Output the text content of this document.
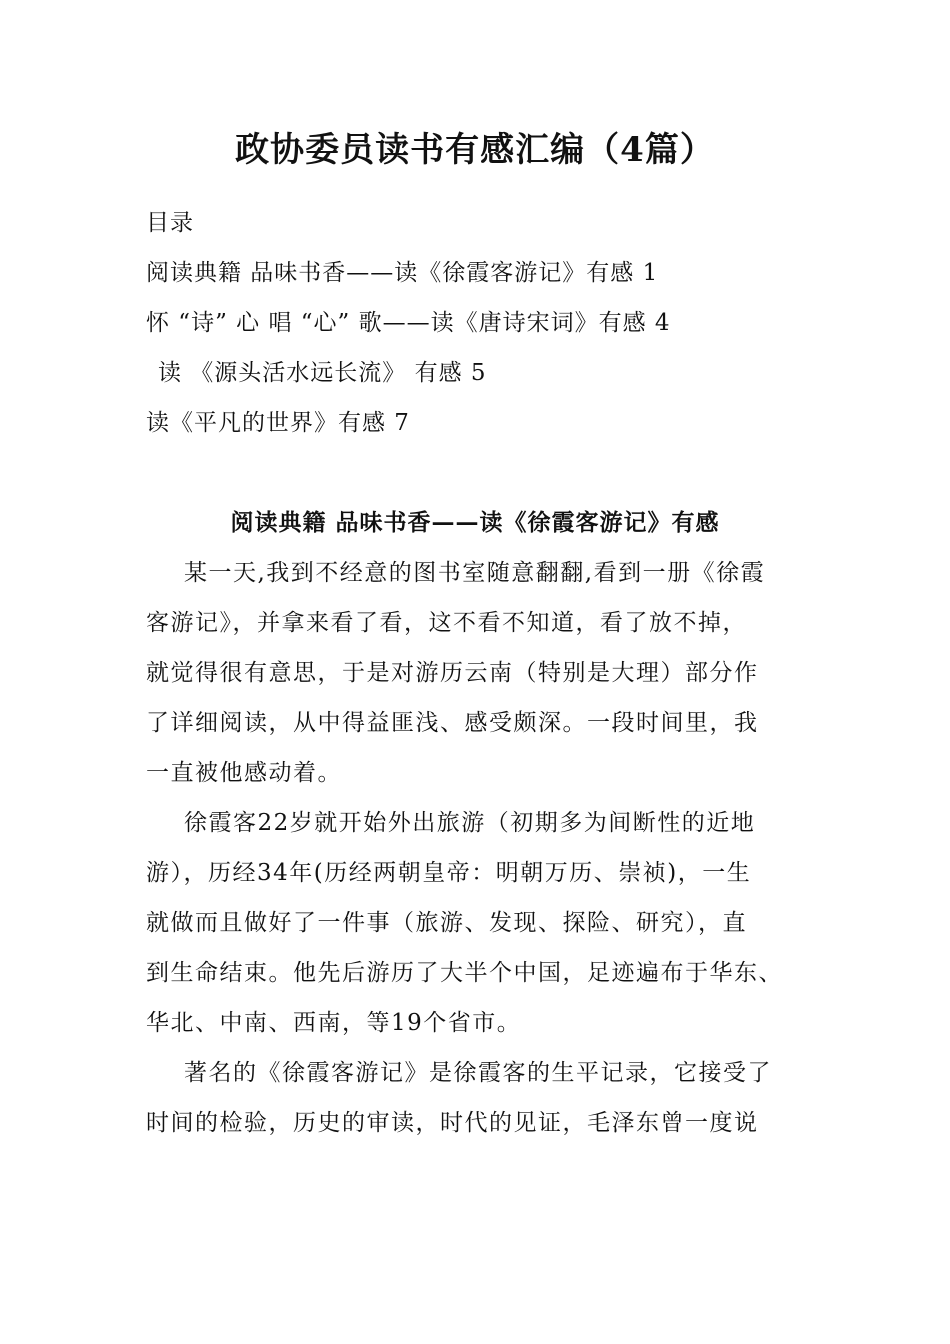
政协委员读书有感汇编（4篇）
目录
阅读典籍 品味书香——读《徐霞客游记》有感 1
怀 “诗” 心 唱 “心” 歌——读《唐诗宋词》有感 4
读 《源头活水远长流》 有感 5
读《平凡的世界》有感 7
阅读典籍 品味书香——读《徐霞客游记》有感
某一天,我到不经意的图书室随意翻翻,看到一册《徐霞
客游记》，并拿来看了看，这不看不知道，看了放不掉，
就觉得很有意思，于是对游历云南（特别是大理）部分作
了详细阅读，从中得益匪浅、感受颇深。一段时间里，我
一直被他感动着。
徐霞客22岁就开始外出旅游（初期多为间断性的近地
游），历经34年(历经两朝皇帝：明朝万历、崇祯)，一生
就做而且做好了一件事（旅游、发现、探险、研究），直
到生命结束。他先后游历了大半个中国，足迹遍布于华东、
华北、中南、西南，等19个省市。
著名的《徐霞客游记》是徐霞客的生平记录，它接受了
时间的检验，历史的审读，时代的见证，毛泽东曾一度说
